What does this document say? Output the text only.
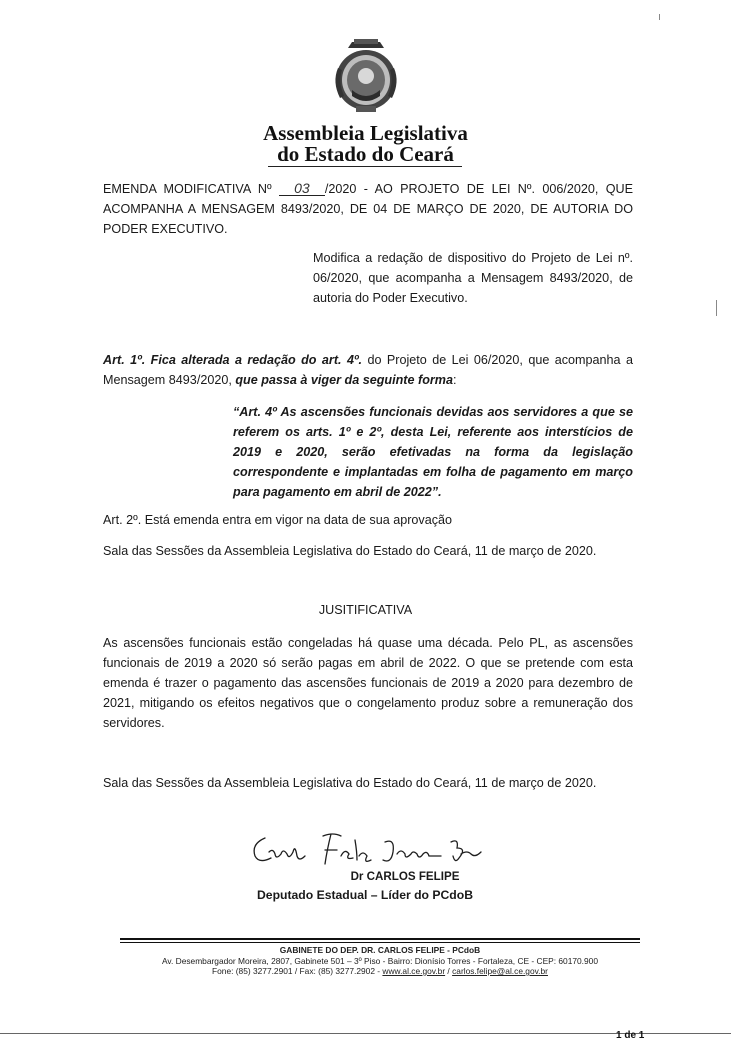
Assembleia Legislativa
do Estado do Ceará
EMENDA MODIFICATIVA Nº 03 /2020 - AO PROJETO DE LEI Nº. 006/2020, QUE ACOMPANHA A MENSAGEM 8493/2020, DE 04 DE MARÇO DE 2020, DE AUTORIA DO PODER EXECUTIVO.
Modifica a redação de dispositivo do Projeto de Lei nº. 06/2020, que acompanha a Mensagem 8493/2020, de autoria do Poder Executivo.
Art. 1º. Fica alterada a redação do art. 4º. do Projeto de Lei 06/2020, que acompanha a Mensagem 8493/2020, que passa à viger da seguinte forma:
“Art. 4º As ascensões funcionais devidas aos servidores a que se referem os arts. 1º e 2º, desta Lei, referente aos interstícios de 2019 e 2020, serão efetivadas na forma da legislação correspondente e implantadas em folha de pagamento em março para pagamento em abril de 2022”.
Art. 2º. Está emenda entra em vigor na data de sua aprovação
Sala das Sessões da Assembleia Legislativa do Estado do Ceará, 11 de março de 2020.
JUSITIFICATIVA
As ascensões funcionais estão congeladas há quase uma década. Pelo PL, as ascensões funcionais de 2019 a 2020 só serão pagas em abril de 2022. O que se pretende com esta emenda é trazer o pagamento das ascensões funcionais de 2019 a 2020 para dezembro de 2021, mitigando os efeitos negativos que o congelamento produz sobre a remuneração dos servidores.
Sala das Sessões da Assembleia Legislativa do Estado do Ceará, 11 de março de 2020.
Dr CARLOS FELIPE
Deputado Estadual – Líder do PCdoB
GABINETE DO DEP. DR. CARLOS FELIPE - PCdoB
Av. Desembargador Moreira, 2807, Gabinete 501 – 3º Piso - Bairro: Dionísio Torres - Fortaleza, CE - CEP: 60170.900
Fone: (85) 3277.2901 / Fax: (85) 3277.2902 - www.al.ce.gov.br / carlos.felipe@al.ce.gov.br
1 de 1
